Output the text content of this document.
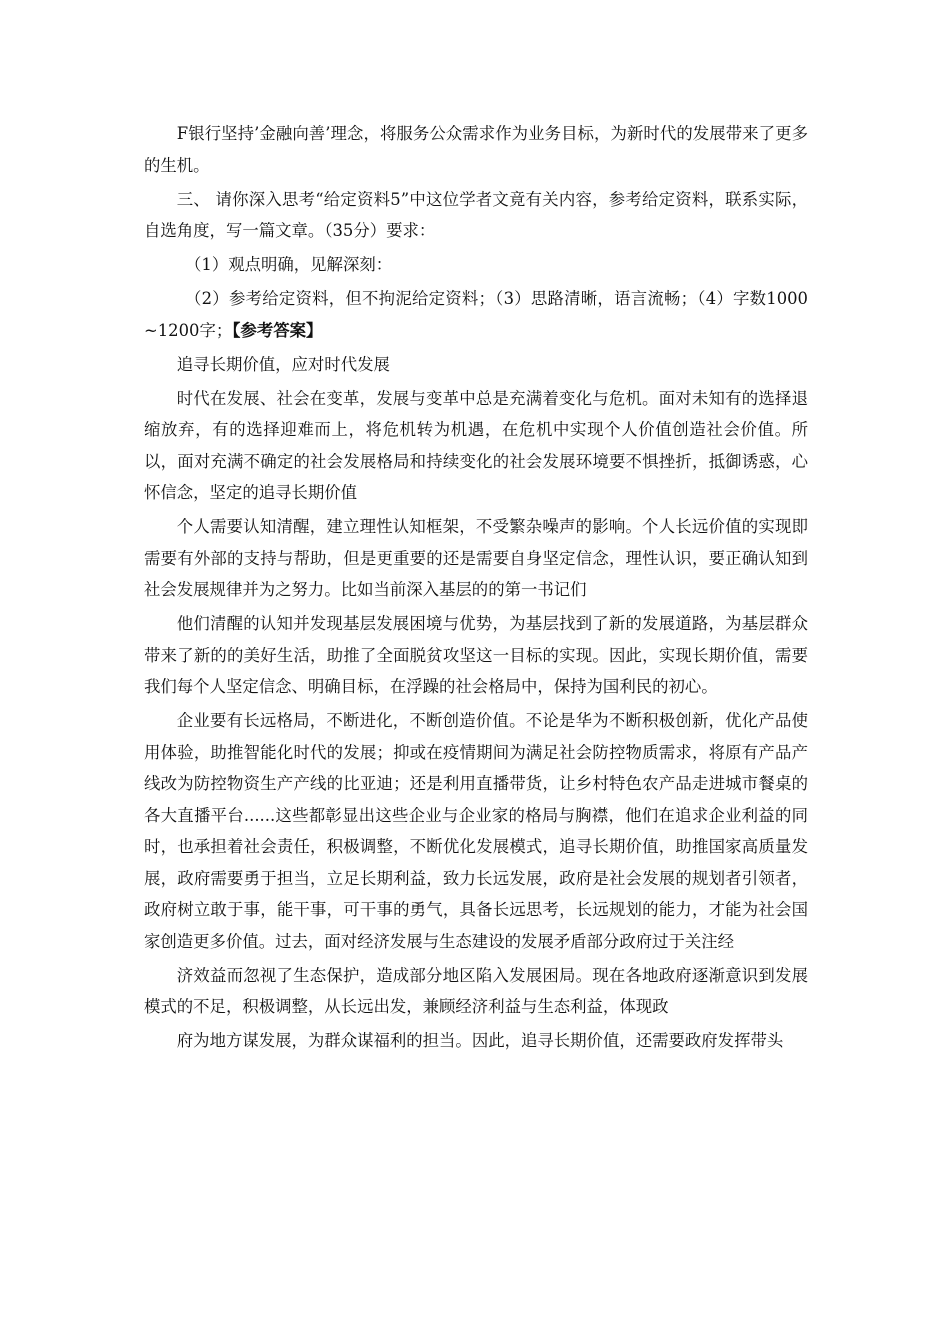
F银行坚持’金融向善’理念，将服务公众需求作为业务目标，为新时代的发展带来了更多的生机。

三、 请你深入思考“给定资料5”中这位学者文竟有关内容，参考给定资料，联系实际，自选角度，写一篇文章。（35分）要求：

（1）观点明确，见解深刻：

（2）参考给定资料，但不拘泥给定资料；（3）思路清晰，语言流畅；（4）字数1000~1200字；【参考答案】

追寻长期价值，应对时代发展

时代在发展、社会在变革，发展与变革中总是充满着变化与危机。面对未知有的选择退缩放弃，有的选择迎难而上，将危机转为机遇，在危机中实现个人价值创造社会价值。所以，面对充满不确定的社会发展格局和持续变化的社会发展环境要不惧挫折，抵御诱惑，心怀信念，坚定的追寻长期价值

个人需要认知清醒，建立理性认知框架，不受繁杂噪声的影响。个人长远价值的实现即需要有外部的支持与帮助，但是更重要的还是需要自身坚定信念，理性认识，要正确认知到社会发展规律并为之努力。比如当前深入基层的的第一书记们

他们清醒的认知并发现基层发展困境与优势，为基层找到了新的发展道路，为基层群众带来了新的的美好生活，助推了全面脱贫攻坚这一目标的实现。因此，实现长期价值，需要我们每个人坚定信念、明确目标，在浮躁的社会格局中，保持为国利民的初心。

企业要有长远格局，不断进化，不断创造价值。不论是华为不断积极创新，优化产品使用体验，助推智能化时代的发展；抑或在疫情期间为满足社会防控物质需求，将原有产品产线改为防控物资生产产线的比亚迪；还是利用直播带货，让乡村特色农产品走进城市餐桌的各大直播平台......这些都彰显出这些企业与企业家的格局与胸襟，他们在追求企业利益的同时，也承担着社会责任，积极调整，不断优化发展模式，追寻长期价值，助推国家高质量发展，政府需要勇于担当，立足长期利益，致力长远发展，政府是社会发展的规划者引领者，政府树立敢于事，能干事，可干事的勇气，具备长远思考，长远规划的能力，才能为社会国家创造更多价值。过去，面对经济发展与生态建设的发展矛盾部分政府过于关注经

济效益而忽视了生态保护，造成部分地区陷入发展困局。现在各地政府逐渐意识到发展模式的不足，积极调整，从长远出发，兼顾经济利益与生态利益，体现政

府为地方谋发展，为群众谋福利的担当。因此，追寻长期价值，还需要政府发挥带头
